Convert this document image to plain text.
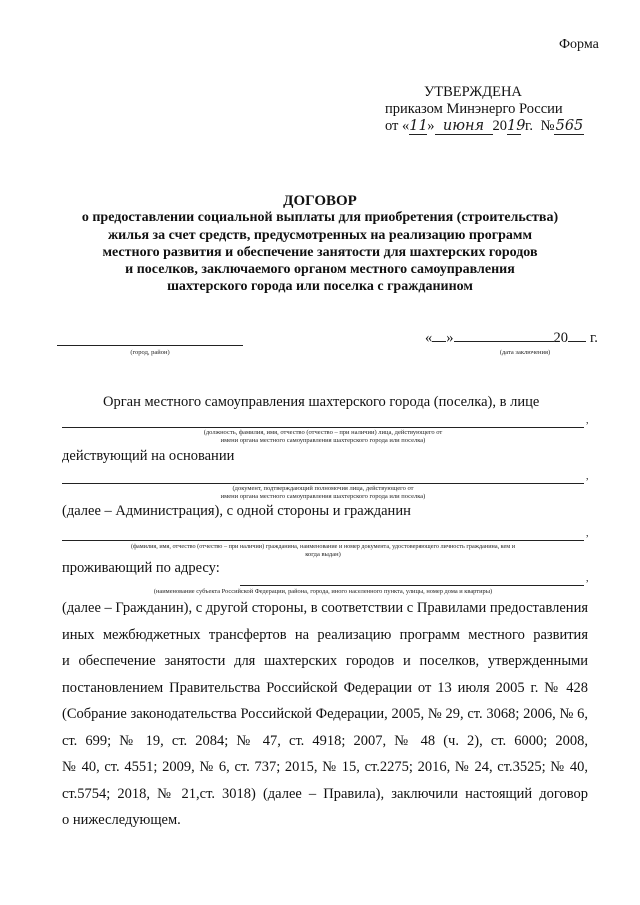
Форма
УТВЕРЖДЕНА
приказом Минэнерго России
от «11» июня 2019г. №565
ДОГОВОР
о предоставлении социальной выплаты для приобретения (строительства)
жилья за счет средств, предусмотренных на реализацию программ
местного развития и обеспечение занятости для шахтерских городов
и поселков, заключаемого органом местного самоуправления
шахтерского города или поселка с гражданином
(город, район)
« »	20 г.
(дата заключения)
Орган местного самоуправления шахтерского города (поселка), в лице
,
(должность, фамилия, имя, отчество (отчество – при наличии) лица, действующего от
имени органа местного самоуправления шахтерского города или поселка)
действующий на основании
,
(документ, подтверждающий полномочия лица, действующего от
имени органа местного самоуправления шахтерского города или поселка)
(далее – Администрация), с одной стороны и гражданин
,
(фамилия, имя, отчество (отчество – при наличии) гражданина, наименование и номер документа, удостоверяющего личность гражданина, кем и
когда выдан)
проживающий по адресу:
,
(наименование субъекта Российской Федерации, района, города, иного населенного пункта, улицы, номер дома и квартиры)
(далее – Гражданин), с другой стороны, в соответствии с Правилами предоставления
иных межбюджетных трансфертов на реализацию программ местного развития
и обеспечение занятости для шахтерских городов и поселков, утвержденными
постановлением Правительства Российской Федерации от 13 июля 2005 г. № 428
(Собрание законодательства Российской Федерации, 2005, № 29, ст. 3068; 2006, № 6,
ст. 699; № 19, ст. 2084; № 47, ст. 4918; 2007, № 48 (ч. 2), ст. 6000; 2008,
№ 40, ст. 4551; 2009, № 6, ст. 737; 2015, № 15, ст.2275; 2016, № 24, ст.3525; № 40,
ст.5754; 2018, № 21,ст. 3018) (далее – Правила), заключили настоящий договор
о нижеследующем.
